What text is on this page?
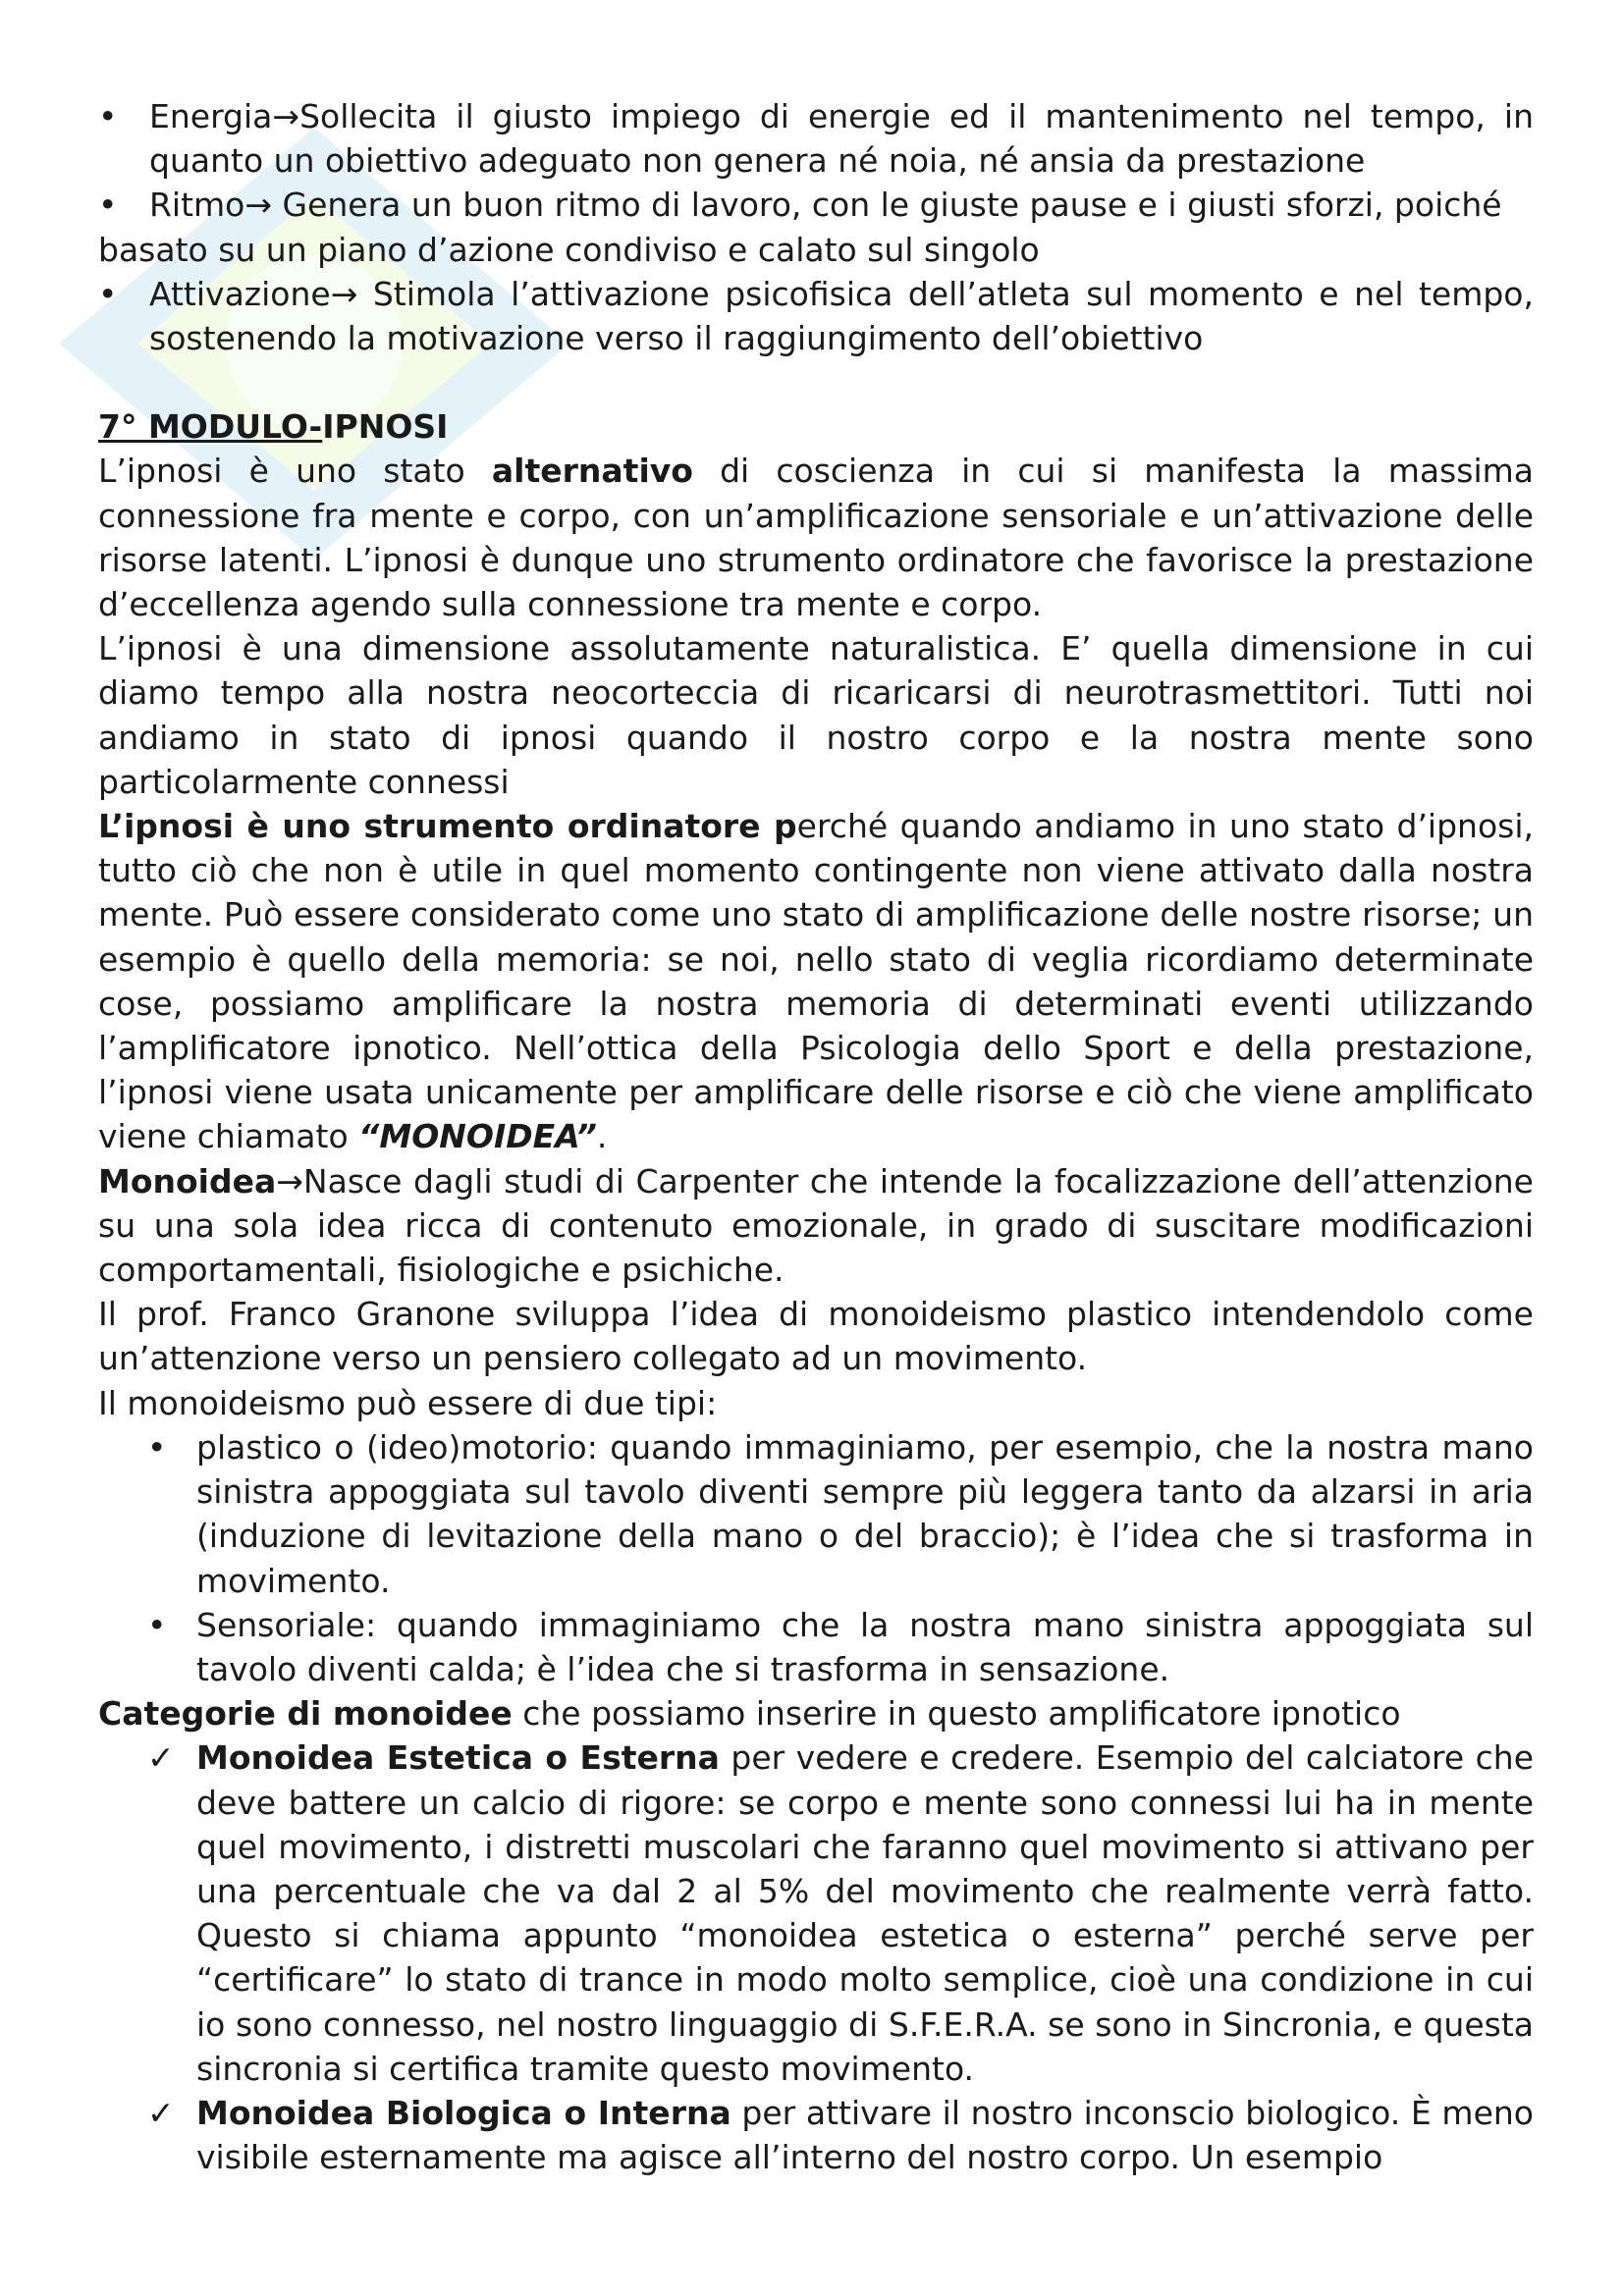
• Energia→Sollecita il giusto impiego di energie ed il mantenimento nel tempo, in quanto un obiettivo adeguato non genera né noia, né ansia da prestazione
• Ritmo→ Genera un buon ritmo di lavoro, con le giuste pause e i giusti sforzi, poiché

basato su un piano d’azione condiviso e calato sul singolo

• Attivazione→ Stimola l’attivazione psicofisica dell’atleta sul momento e nel tempo, sostenendo la motivazione verso il raggiungimento dell’obiettivo

7° MODULO-IPNOSI

L’ipnosi è uno stato alternativo di coscienza in cui si manifesta la massima connessione fra mente e corpo, con un’amplificazione sensoriale e un’attivazione delle risorse latenti. L’ipnosi è dunque uno strumento ordinatore che favorisce la prestazione d’eccellenza agendo sulla connessione tra mente e corpo.

L’ipnosi è una dimensione assolutamente naturalistica. E’ quella dimensione in cui diamo tempo alla nostra neocorteccia di ricaricarsi di neurotrasmettitori. Tutti noi andiamo in stato di ipnosi quando il nostro corpo e la nostra mente sono particolarmente connessi

L’ipnosi è uno strumento ordinatore perché quando andiamo in uno stato d’ipnosi, tutto ciò che non è utile in quel momento contingente non viene attivato dalla nostra mente. Può essere considerato come uno stato di amplificazione delle nostre risorse; un esempio è quello della memoria: se noi, nello stato di veglia ricordiamo determinate cose, possiamo amplificare la nostra memoria di determinati eventi utilizzando l’amplificatore ipnotico. Nell’ottica della Psicologia dello Sport e della prestazione, l’ipnosi viene usata unicamente per amplificare delle risorse e ciò che viene amplificato viene chiamato “MONOIDEA”.

Monoidea→Nasce dagli studi di Carpenter che intende la focalizzazione dell’attenzione su una sola idea ricca di contenuto emozionale, in grado di suscitare modificazioni comportamentali, fisiologiche e psichiche.

Il prof. Franco Granone sviluppa l’idea di monoideismo plastico intendendolo come un’attenzione verso un pensiero collegato ad un movimento.

Il monoideismo può essere di due tipi:

• plastico o (ideo)motorio: quando immaginiamo, per esempio, che la nostra mano sinistra appoggiata sul tavolo diventi sempre più leggera tanto da alzarsi in aria (induzione di levitazione della mano o del braccio); è l’idea che si trasforma in movimento.
• Sensoriale: quando immaginiamo che la nostra mano sinistra appoggiata sul tavolo diventi calda; è l’idea che si trasforma in sensazione.

Categorie di monoidee che possiamo inserire in questo amplificatore ipnotico

✓ Monoidea Estetica o Esterna per vedere e credere. Esempio del calciatore che deve battere un calcio di rigore: se corpo e mente sono connessi lui ha in mente quel movimento, i distretti muscolari che faranno quel movimento si attivano per una percentuale che va dal 2 al 5% del movimento che realmente verrà fatto. Questo si chiama appunto “monoidea estetica o esterna” perché serve per “certificare” lo stato di trance in modo molto semplice, cioè una condizione in cui io sono connesso, nel nostro linguaggio di S.F.E.R.A. se sono in Sincronia, e questa sincronia si certifica tramite questo movimento.
✓ Monoidea Biologica o Interna per attivare il nostro inconscio biologico. È meno visibile esternamente ma agisce all’interno del nostro corpo. Un esempio
